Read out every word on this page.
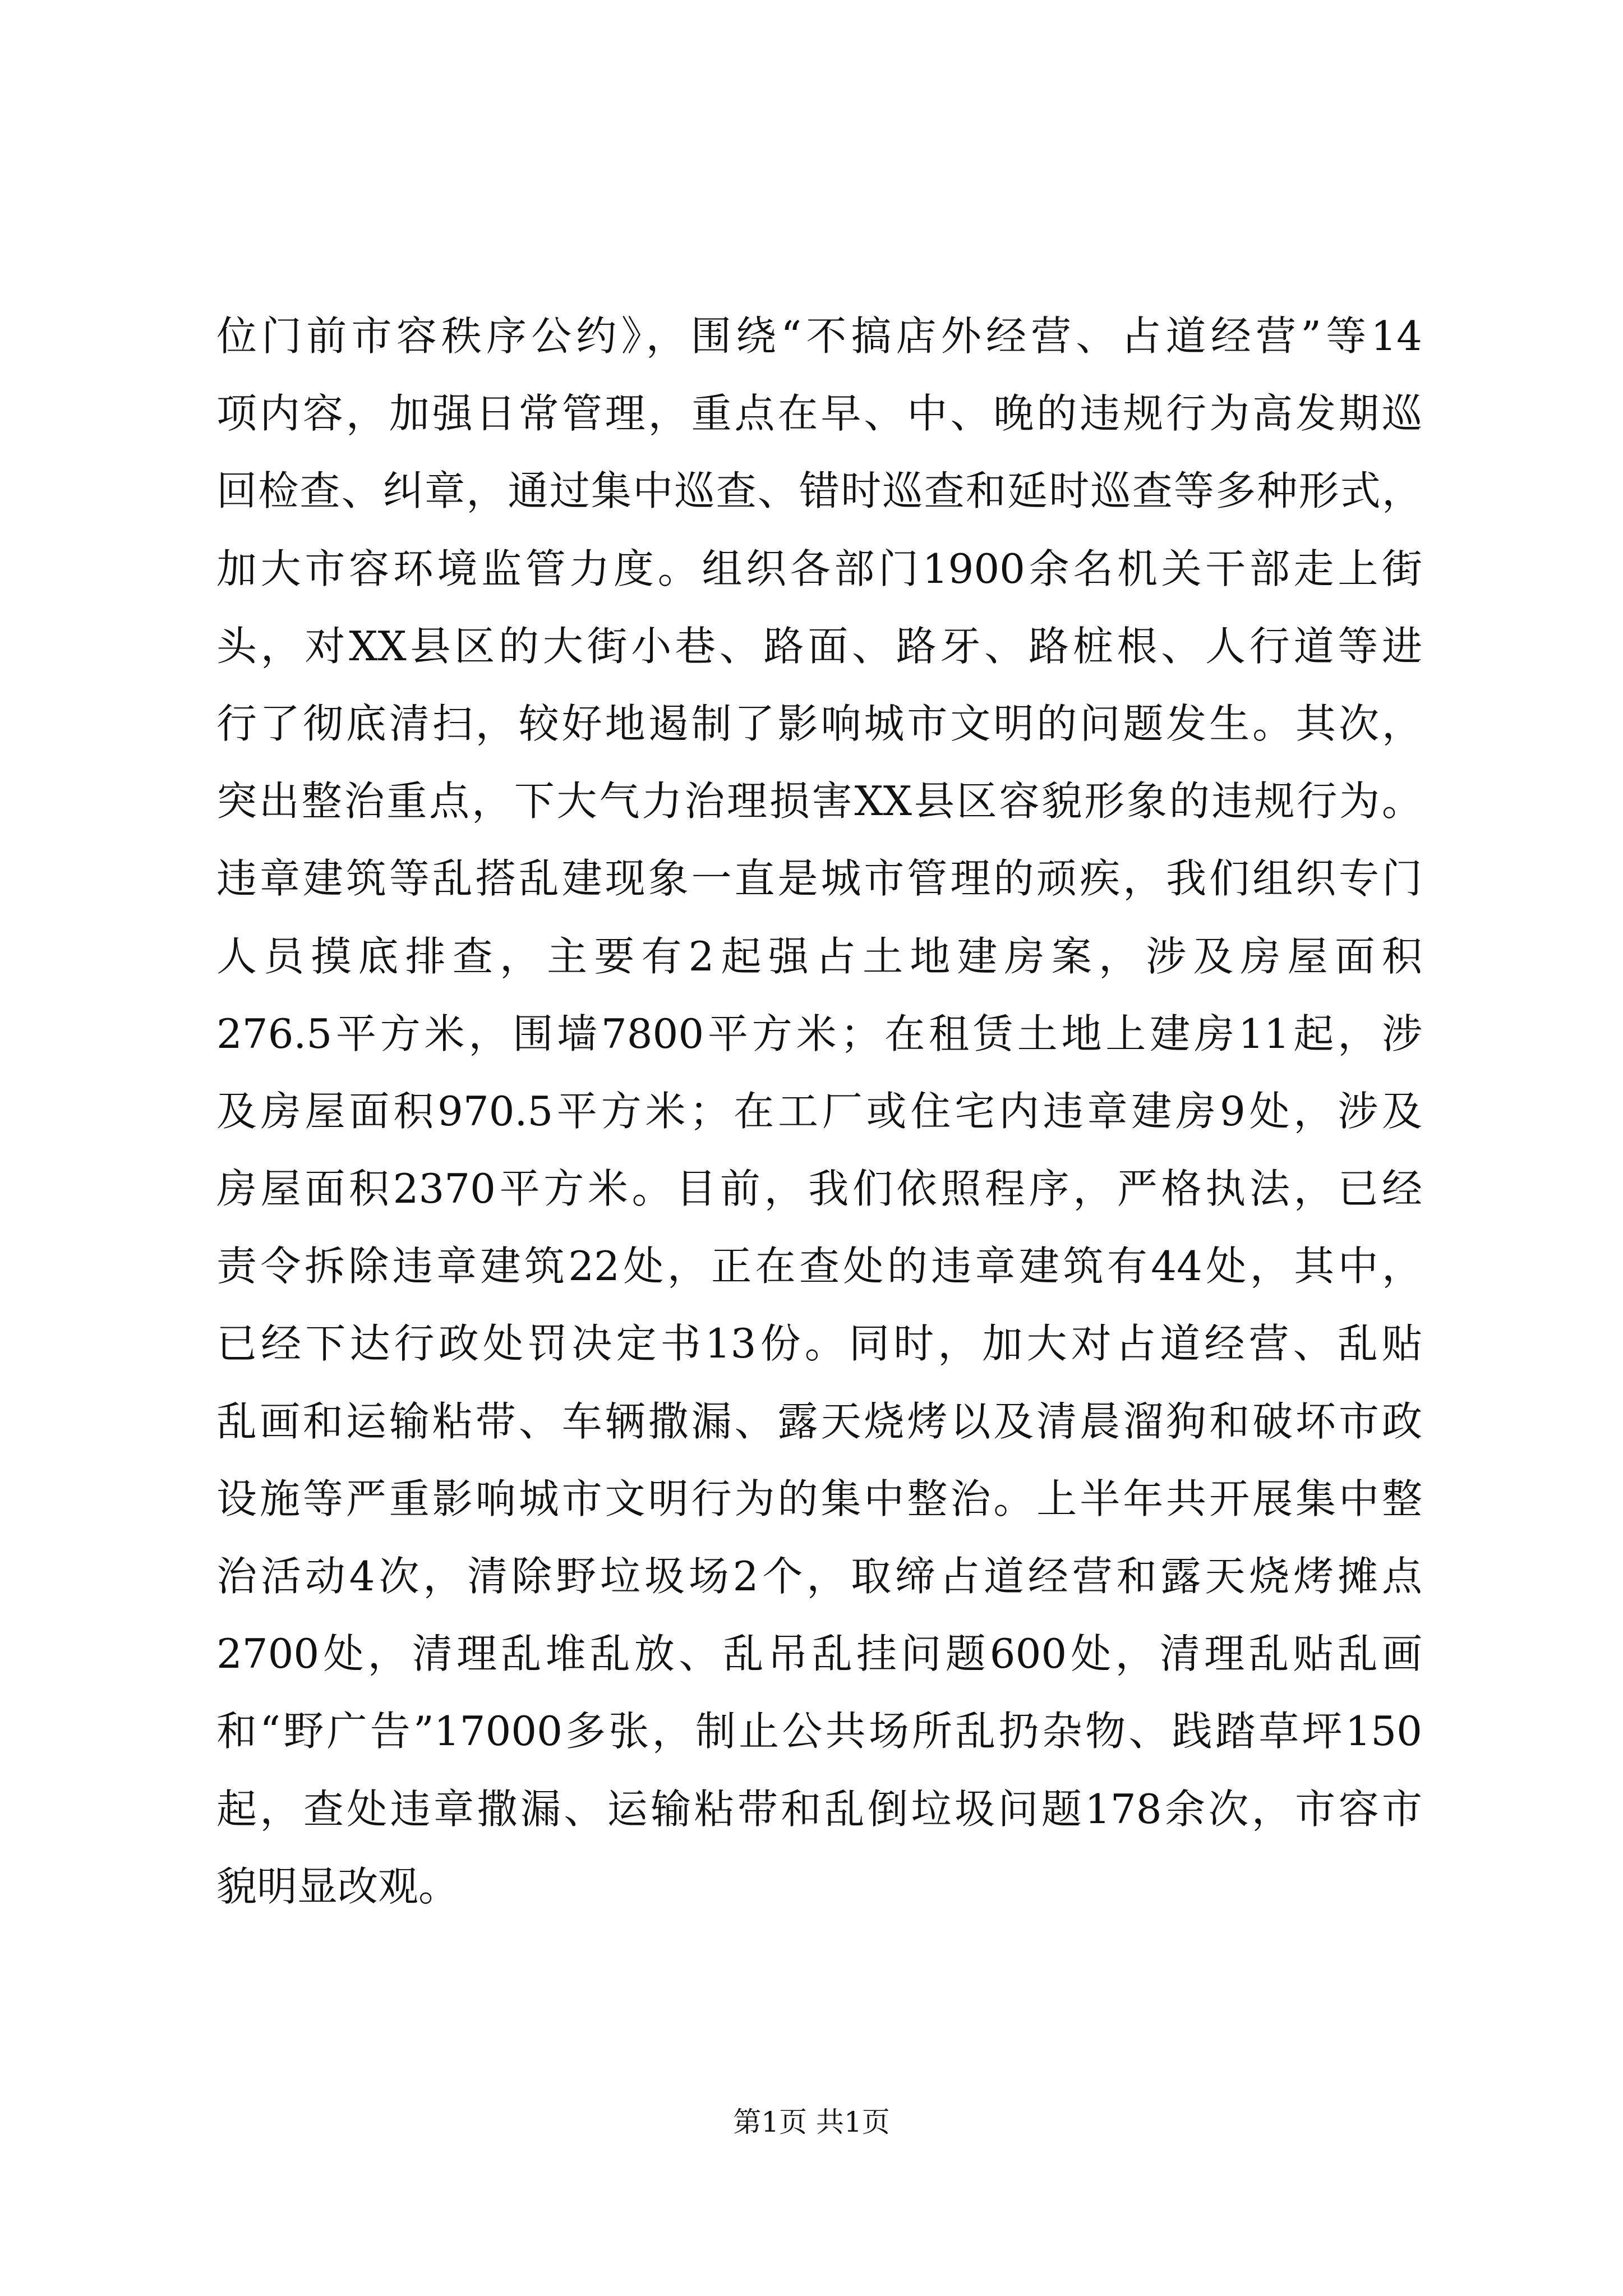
位门前市容秩序公约》，围绕“不搞店外经营、占道经营”等14
项内容，加强日常管理，重点在早、中、晚的违规行为高发期巡
回检查、纠章，通过集中巡查、错时巡查和延时巡查等多种形式，
加大市容环境监管力度。组织各部门1900余名机关干部走上街
头，对XX县区的大街小巷、路面、路牙、路桩根、人行道等进
行了彻底清扫，较好地遏制了影响城市文明的问题发生。其次，
突出整治重点，下大气力治理损害XX县区容貌形象的违规行为。
违章建筑等乱搭乱建现象一直是城市管理的顽疾，我们组织专门
人员摸底排查，主要有2起强占土地建房案，涉及房屋面积
276.5平方米，围墙7800平方米；在租赁土地上建房11起，涉
及房屋面积970.5平方米；在工厂或住宅内违章建房9处，涉及
房屋面积2370平方米。目前，我们依照程序，严格执法，已经
责令拆除违章建筑22处，正在查处的违章建筑有44处，其中，
已经下达行政处罚决定书13份。同时，加大对占道经营、乱贴
乱画和运输粘带、车辆撒漏、露天烧烤以及清晨溜狗和破坏市政
设施等严重影响城市文明行为的集中整治。上半年共开展集中整
治活动4次，清除野垃圾场2个，取缔占道经营和露天烧烤摊点
2700处，清理乱堆乱放、乱吊乱挂问题600处，清理乱贴乱画
和“野广告”17000多张，制止公共场所乱扔杂物、践踏草坪150
起，查处违章撒漏、运输粘带和乱倒垃圾问题178余次，市容市
貌明显改观。
第1页 共1页
